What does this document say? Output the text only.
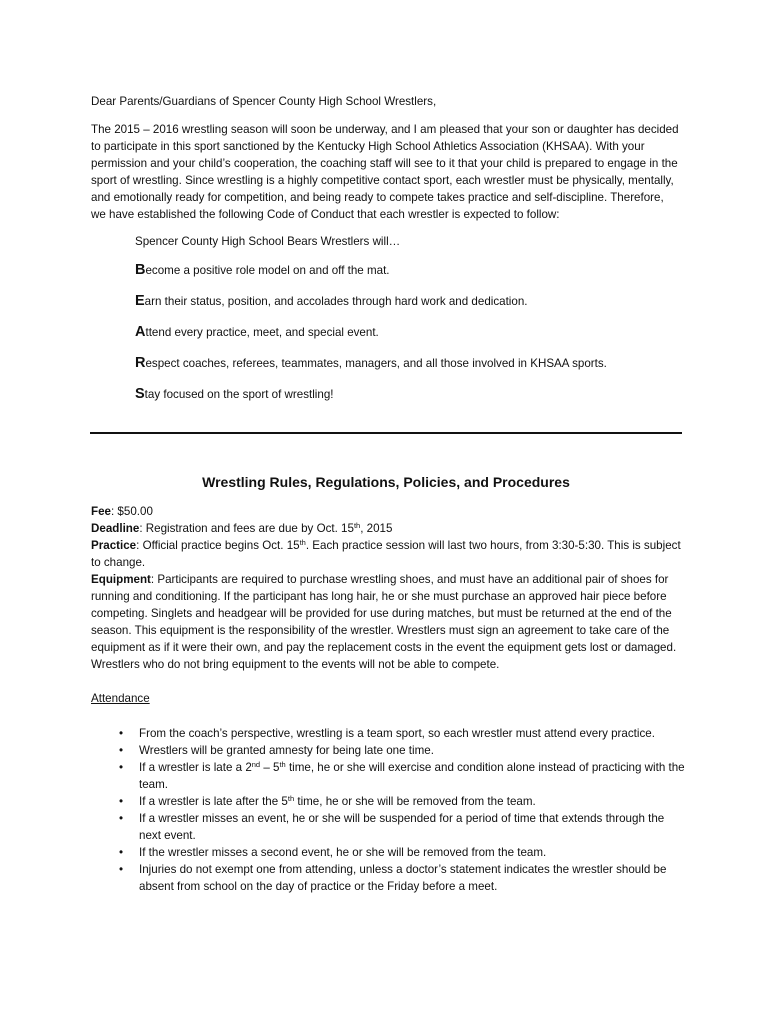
Dear Parents/Guardians of Spencer County High School Wrestlers,

The 2015 – 2016 wrestling season will soon be underway, and I am pleased that your son or daughter has decided to participate in this sport sanctioned by the Kentucky High School Athletics Association (KHSAA). With your permission and your child’s cooperation, the coaching staff will see to it that your child is prepared to engage in the sport of wrestling. Since wrestling is a highly competitive contact sport, each wrestler must be physically, mentally, and emotionally ready for competition, and being ready to compete takes practice and self-discipline. Therefore, we have established the following Code of Conduct that each wrestler is expected to follow:

Spencer County High School Bears Wrestlers will…

Become a positive role model on and off the mat.

Earn their status, position, and accolades through hard work and dedication.

Attend every practice, meet, and special event.

Respect coaches, referees, teammates, managers, and all those involved in KHSAA sports.

Stay focused on the sport of wrestling!

Wrestling Rules, Regulations, Policies, and Procedures

Fee: $50.00

Deadline: Registration and fees are due by Oct. 15th, 2015

Practice: Official practice begins Oct. 15th. Each practice session will last two hours, from 3:30-5:30. This is subject to change.

Equipment: Participants are required to purchase wrestling shoes, and must have an additional pair of shoes for running and conditioning. If the participant has long hair, he or she must purchase an approved hair piece before competing. Singlets and headgear will be provided for use during matches, but must be returned at the end of the season. This equipment is the responsibility of the wrestler. Wrestlers must sign an agreement to take care of the equipment as if it were their own, and pay the replacement costs in the event the equipment gets lost or damaged. Wrestlers who do not bring equipment to the events will not be able to compete.

Attendance

• From the coach’s perspective, wrestling is a team sport, so each wrestler must attend every practice.
• Wrestlers will be granted amnesty for being late one time.
• If a wrestler is late a 2nd – 5th time, he or she will exercise and condition alone instead of practicing with the team.
• If a wrestler is late after the 5th time, he or she will be removed from the team.
• If a wrestler misses an event, he or she will be suspended for a period of time that extends through the next event.
• If the wrestler misses a second event, he or she will be removed from the team.
• Injuries do not exempt one from attending, unless a doctor’s statement indicates the wrestler should be absent from school on the day of practice or the Friday before a meet.
